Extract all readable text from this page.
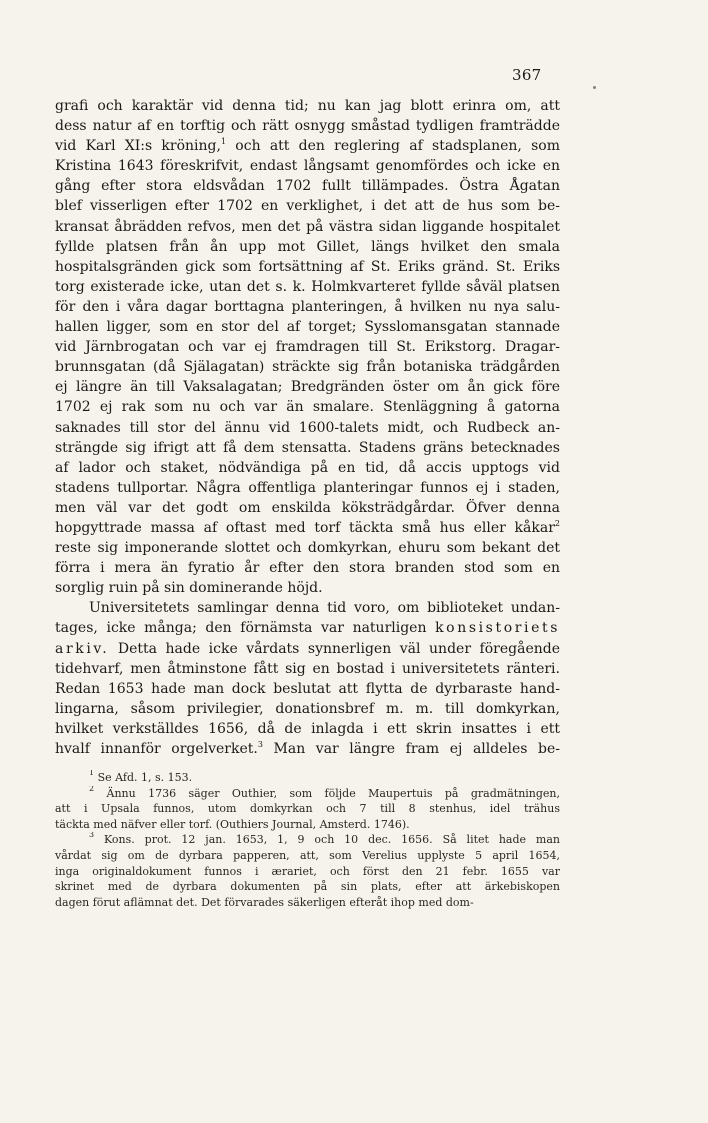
367
grafi och karaktär vid denna tid; nu kan jag blott erinra om, att
dess natur af en torftig och rätt osnygg småstad tydligen framträdde
vid Karl XI:s kröning,$^1$ och att den reglering af stadsplanen, som
Kristina 1643 föreskrifvit, endast långsamt genomfördes och icke en
gång efter stora eldsvådan 1702 fullt tillämpades. Östra Ågatan
blef visserligen efter 1702 en verklighet, i det att de hus som be-
kransat åbrädden refvos, men det på västra sidan liggande hospitalet
fyllde platsen från ån upp mot Gillet, längs hvilket den smala
hospitalsgränden gick som fortsättning af St. Eriks gränd. St. Eriks
torg existerade icke, utan det s. k. Holmkvarteret fyllde såväl platsen
för den i våra dagar borttagna planteringen, å hvilken nu nya salu-
hallen ligger, som en stor del af torget; Sysslomansgatan stannade
vid Järnbrogatan och var ej framdragen till St. Erikstorg. Dragar-
brunnsgatan (då Själagatan) sträckte sig från botaniska trädgården
ej längre än till Vaksalagatan; Bredgränden öster om ån gick före
1702 ej rak som nu och var än smalare. Stenläggning å gatorna
saknades till stor del ännu vid 1600-talets midt, och Rudbeck an-
strängde sig ifrigt att få dem stensatta. Stadens gräns betecknades
af lador och staket, nödvändiga på en tid, då accis upptogs vid
stadens tullportar. Några offentliga planteringar funnos ej i staden,
men väl var det godt om enskilda köksträdgårdar. Öfver denna
hopgyttrade massa af oftast med torf täckta små hus eller kåkar$^2$
reste sig imponerande slottet och domkyrkan, ehuru som bekant det
förra i mera än fyratio år efter den stora branden stod som en
sorglig ruin på sin dominerande höjd.
Universitetets samlingar denna tid voro, om biblioteket undan-
tages, icke många; den förnämsta var naturligen konsistoriets
arkiv. Detta hade icke vårdats synnerligen väl under föregående
tidehvarf, men åtminstone fått sig en bostad i universitetets ränteri.
Redan 1653 hade man dock beslutat att flytta de dyrbaraste hand-
lingarna, såsom privilegier, donationsbref m. m. till domkyrkan,
hvilket verkställdes 1656, då de inlagda i ett skrin insattes i ett
hvalf innanför orgelverket.$^3$ Man var längre fram ej alldeles be-
$^1$ Se Afd. 1, s. 153.
$^2$ Ännu 1736 säger Outhier, som följde Maupertuis på gradmätningen,
att i Upsala funnos, utom domkyrkan och 7 till 8 stenhus, idel trähus
täckta med näfver eller torf. (Outhiers Journal, Amsterd. 1746).
$^3$ Kons. prot. 12 jan. 1653, 1, 9 och 10 dec. 1656. Så litet hade man
vårdat sig om de dyrbara papperen, att, som Verelius upplyste 5 april 1654,
inga originaldokument funnos i ærariet, och först den 21 febr. 1655 var
skrinet med de dyrbara dokumenten på sin plats, efter att ärkebiskopen
dagen förut aflämnat det. Det förvarades säkerligen efteråt ihop med dom-
